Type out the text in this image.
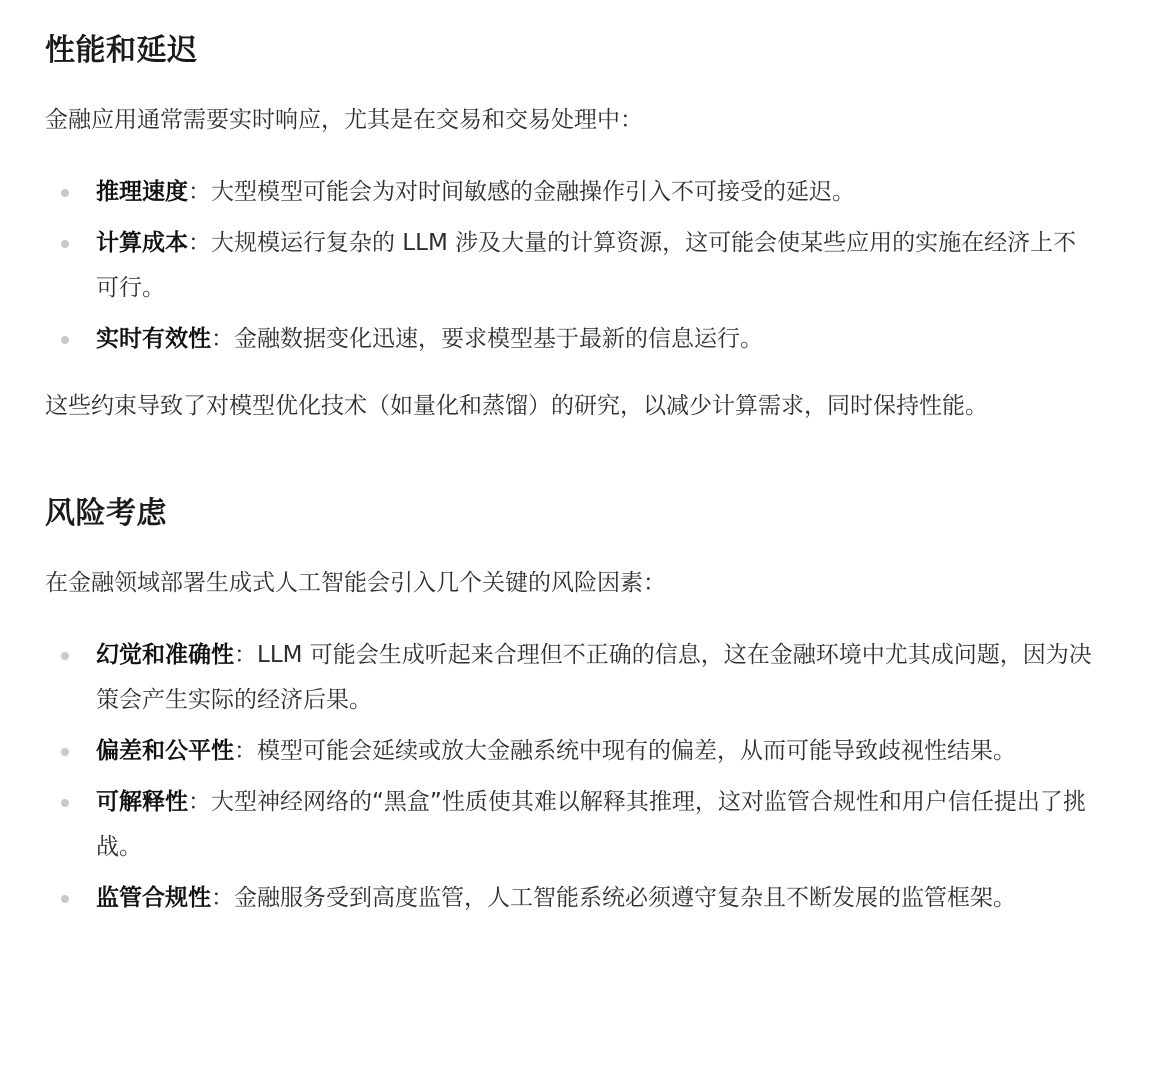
性能和延迟

金融应用通常需要实时响应，尤其是在交易和交易处理中：

推理速度：大型模型可能会为对时间敏感的金融操作引入不可接受的延迟。
计算成本：大规模运行复杂的 LLM 涉及大量的计算资源，这可能会使某些应用的实施在经济上不可行。
实时有效性：金融数据变化迅速，要求模型基于最新的信息运行。

这些约束导致了对模型优化技术（如量化和蒸馏）的研究，以减少计算需求，同时保持性能。

风险考虑

在金融领域部署生成式人工智能会引入几个关键的风险因素：

幻觉和准确性：LLM 可能会生成听起来合理但不正确的信息，这在金融环境中尤其成问题，因为决策会产生实际的经济后果。
偏差和公平性：模型可能会延续或放大金融系统中现有的偏差，从而可能导致歧视性结果。
可解释性：大型神经网络的“黑盒”性质使其难以解释其推理，这对监管合规性和用户信任提出了挑战。
监管合规性：金融服务受到高度监管，人工智能系统必须遵守复杂且不断发展的监管框架。
